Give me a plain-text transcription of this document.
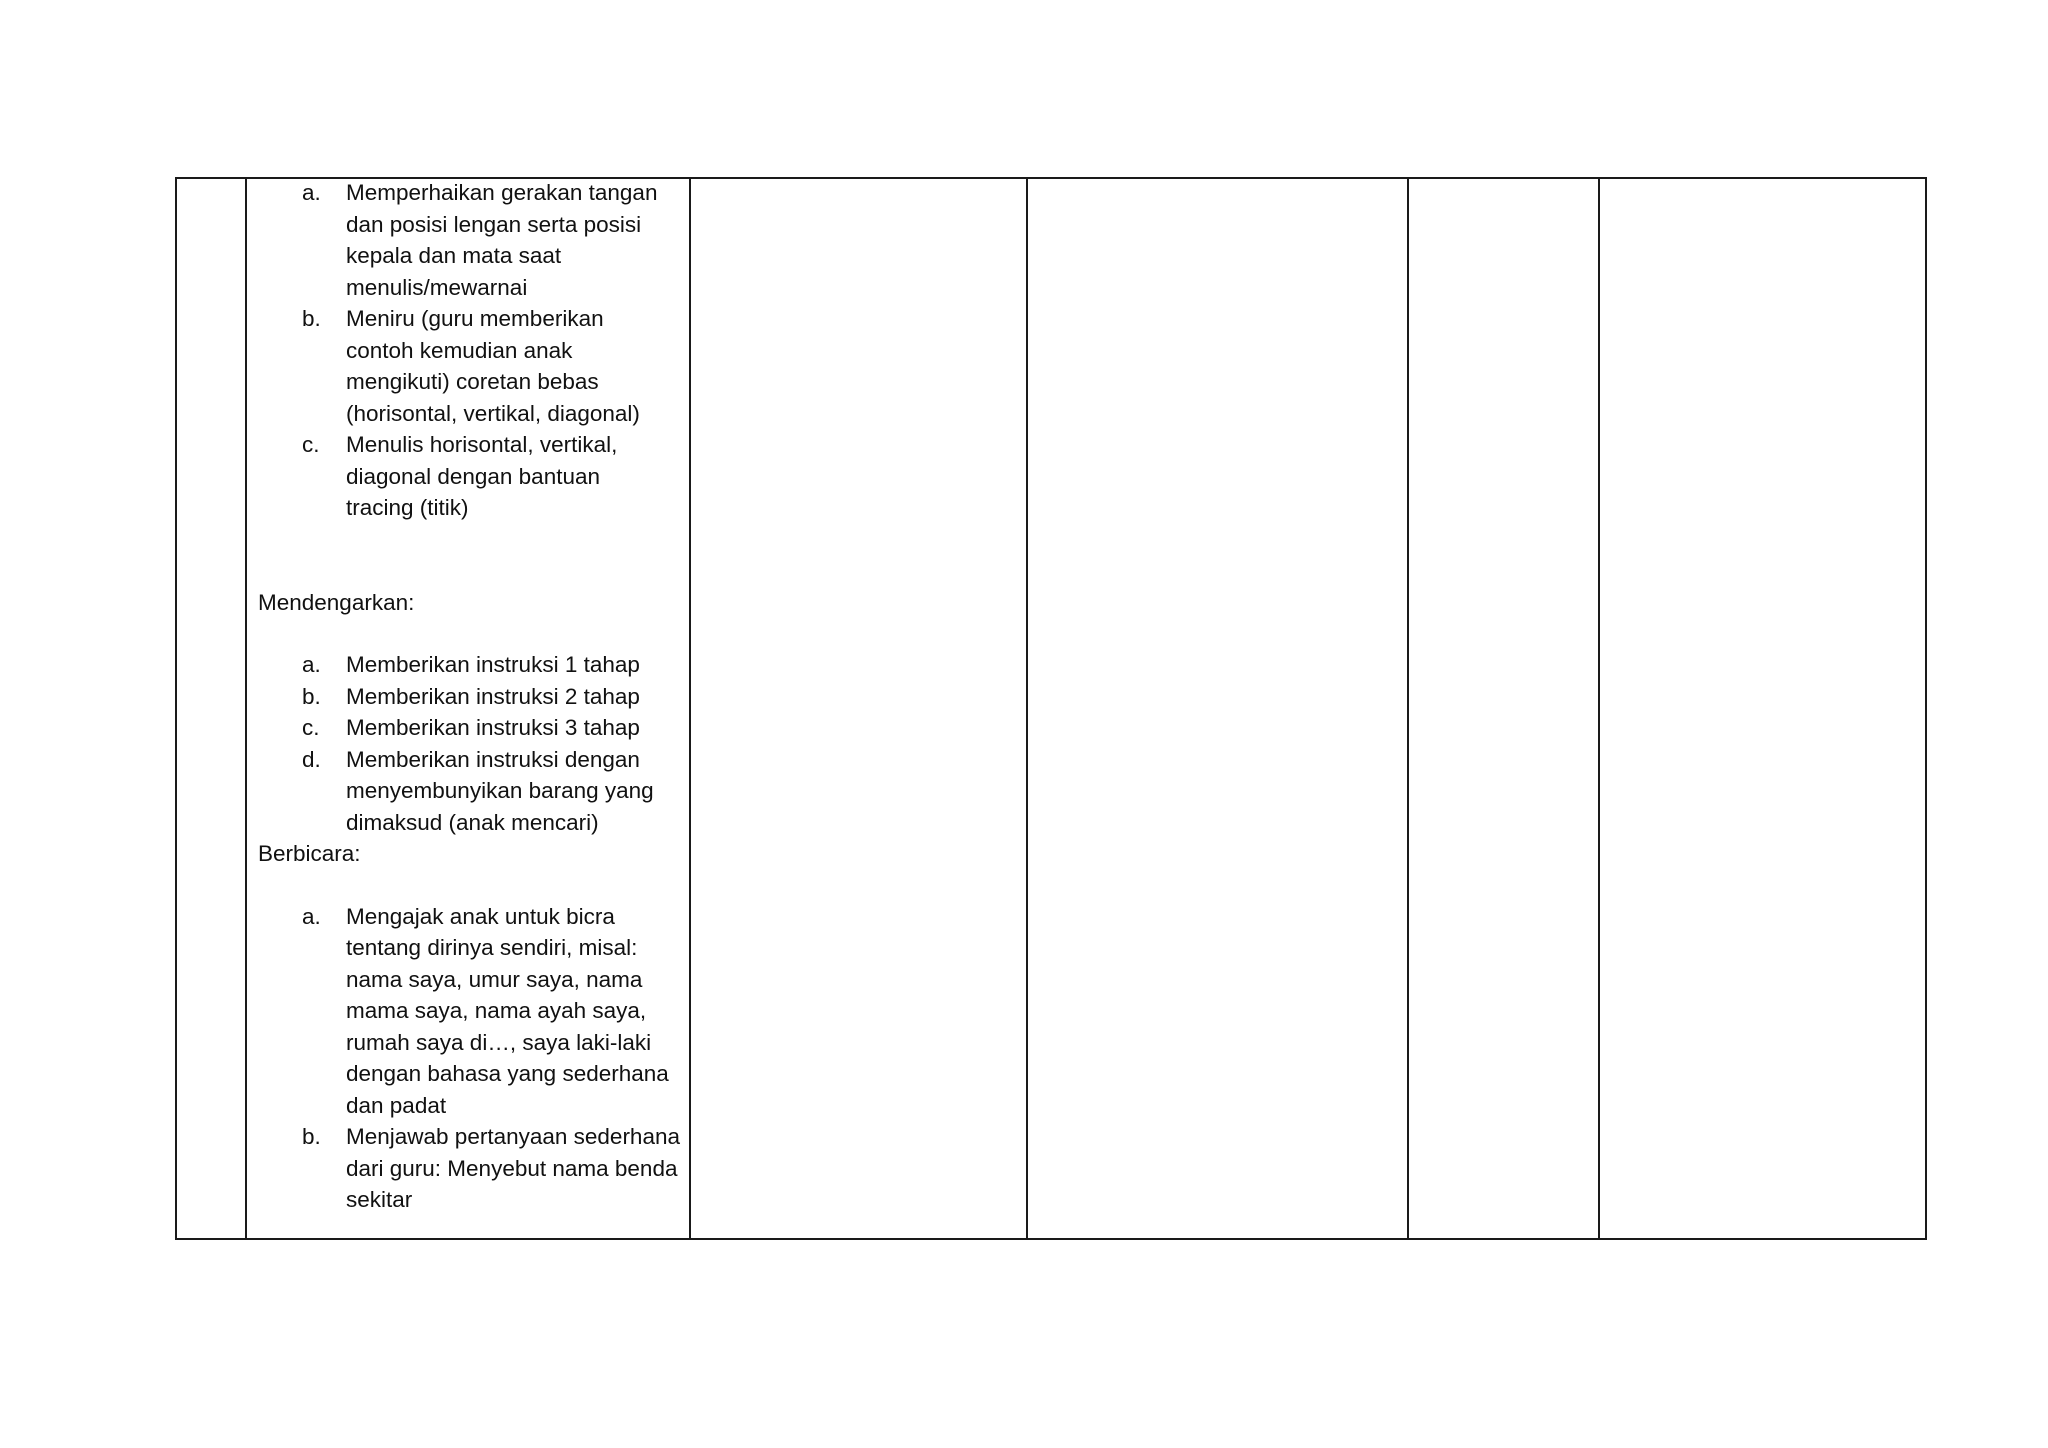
a. Memperhaikan gerakan tangan dan posisi lengan serta posisi kepala dan mata saat menulis/mewarnai
b. Meniru (guru memberikan contoh kemudian anak mengikuti) coretan bebas (horisontal, vertikal, diagonal)
c. Menulis horisontal, vertikal, diagonal dengan bantuan tracing (titik)

Mendengarkan:

a. Memberikan instruksi 1 tahap
b. Memberikan instruksi 2 tahap
c. Memberikan instruksi 3 tahap
d. Memberikan instruksi dengan menyembunyikan barang yang dimaksud (anak mencari)

Berbicara:

a. Mengajak anak untuk bicra tentang dirinya sendiri, misal: nama saya, umur saya, nama mama saya, nama ayah saya, rumah saya di…, saya laki-laki dengan bahasa yang sederhana dan padat
b. Menjawab pertanyaan sederhana dari guru: Menyebut nama benda sekitar
